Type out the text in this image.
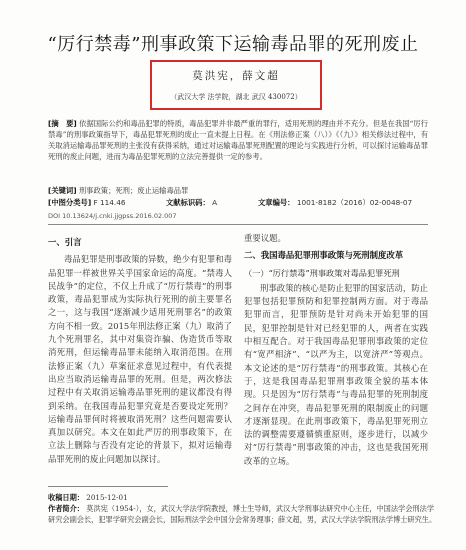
“厉行禁毒”刑事政策下运输毒品罪的死刑废止
莫洪宪，薛文超
（武汉大学 法学院，湖北 武汉 430072）
[摘　要] 依据国际公约和毒品犯罪的特质，毒品犯罪并非最严重的罪行，适用死刑的理由并不充分。但是在我国“厉行禁毒”的刑事政策指导下，毒品犯罪死刑的废止一直未提上日程。在《刑法修正案（八）》《（九）》相关修法过程中，有关取消运输毒品罪死刑的主张没有获得采纳，通过对运输毒品罪死刑配置的理论与实践进行分析，可以探讨运输毒品罪死刑的废止问题，进而为毒品犯罪死刑的立法完善提供一定的参考。
[关键词] 刑事政策；死刑；废止运输毒品罪
[中图分类号] F 114.46	文献标识码： A	文章编号： 1001-8182（2016）02-0048-07
DOI 10.13624/j.cnki.jjgpss.2016.02.007
一、引言

毒品犯罪是刑事政策的异数，绝少有犯罪和毒品犯罪一样被世界关乎国家命运的高度。“禁毒人民战争”的定位，不仅上升成了“厉行禁毒”的刑事政策，毒品犯罪成为实际执行死刑的前主要罪名之一，这与我国“逐渐减少适用死刑罪名”的政策方向不相一致。2015年刑法修正案（九）取消了九个死刑罪名，其中对集资诈骗、伪造货币等取消死刑，但运输毒品罪未能纳入取消范围。在刑法修正案（九）草案征求意见过程中，有代表提出应当取消运输毒品罪的死刑。但是，两次修法过程中有关取消运输毒品罪死刑的建议都没有得到采纳。在我国毒品犯罪究竟是否要设定死刑？运输毒品罪何时将被取消死刑？这些问题需要认真加以研究。本文在如此严厉的刑事政策下，在立法上删除与否没有定论的背景下，拟对运输毒品罪死刑的废止问题加以探讨。

重要议题。

二、我国毒品犯罪刑事政策与死刑制度改革
（一）“厉行禁毒”刑事政策对毒品犯罪死刑

刑事政策的核心是防止犯罪的国家活动，防止犯罪包括犯罪预防和犯罪控制两方面。对于毒品犯罪而言，犯罪预防是针对尚未开始犯罪的国民，犯罪控制是针对已经犯罪的人，两者在实践中相互配合。对于我国毒品犯罪刑事政策的定位有“宽严相济”、“以严为主，以宽济严”等观点。本文论述的是“厉行禁毒”的刑事政策。其核心在于，这是我国毒品犯罪刑事政策全貌的基本体现。只是因为“厉行禁毒”与毒品犯罪的死刑制度之间存在冲突，毒品犯罪死刑的限制废止的问题才逐渐显现。在此刑事政策下，毒品犯罪死刑立法的调整需要遵循慎重原则，逐步进行，以减少对“厉行禁毒”刑事政策的冲击，这也是我国死刑改革的立场。

收稿日期： 2015-12-01
作者简介： 莫洪宪（1954-），女，武汉大学法学院教授，博士生导师，武汉大学刑事法研究中心主任，中国法学会刑法学研究会副会长，犯罪学研究会副会长，国际刑法学会中国分会常务理事；薛文超，男，武汉大学法学院刑法学博士研究生。
